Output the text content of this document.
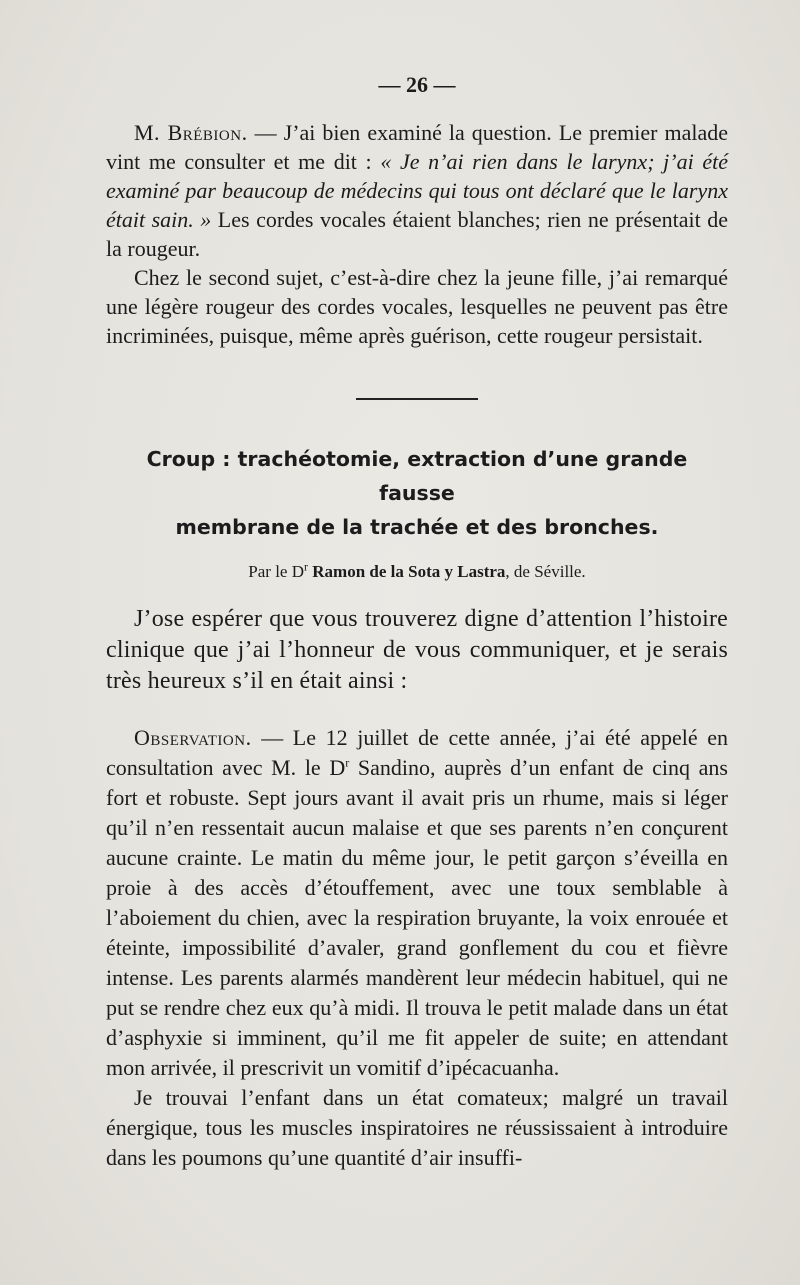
— 26 —

M. Brébion. — J’ai bien examiné la question. Le premier malade vint me consulter et me dit : « Je n’ai rien dans le larynx; j’ai été examiné par beaucoup de médecins qui tous ont déclaré que le larynx était sain. » Les cordes vocales étaient blanches; rien ne présentait de la rougeur.

Chez le second sujet, c’est-à-dire chez la jeune fille, j’ai remarqué une légère rougeur des cordes vocales, lesquelles ne peuvent pas être incriminées, puisque, même après guérison, cette rougeur persistait.

Croup : trachéotomie, extraction d’une grande fausse
membrane de la trachée et des bronches.
Par le $D^r$ Ramon de la Sota y Lastra, de Séville.

J’ose espérer que vous trouverez digne d’attention l’histoire clinique que j’ai l’honneur de vous communiquer, et je serais très heureux s’il en était ainsi :

Observation. — Le 12 juillet de cette année, j’ai été appelé en consultation avec M. le $D^r$ Sandino, auprès d’un enfant de cinq ans fort et robuste. Sept jours avant il avait pris un rhume, mais si léger qu’il n’en ressentait aucun malaise et que ses parents n’en conçurent aucune crainte. Le matin du même jour, le petit garçon s’éveilla en proie à des accès d’étouffement, avec une toux semblable à l’aboiement du chien, avec la respiration bruyante, la voix enrouée et éteinte, impossibilité d’avaler, grand gonflement du cou et fièvre intense. Les parents alarmés mandèrent leur médecin habituel, qui ne put se rendre chez eux qu’à midi. Il trouva le petit malade dans un état d’asphyxie si imminent, qu’il me fit appeler de suite; en attendant mon arrivée, il prescrivit un vomitif d’ipécacuanha.

Je trouvai l’enfant dans un état comateux; malgré un travail énergique, tous les muscles inspiratoires ne réussissaient à introduire dans les poumons qu’une quantité d’air insuffi-
